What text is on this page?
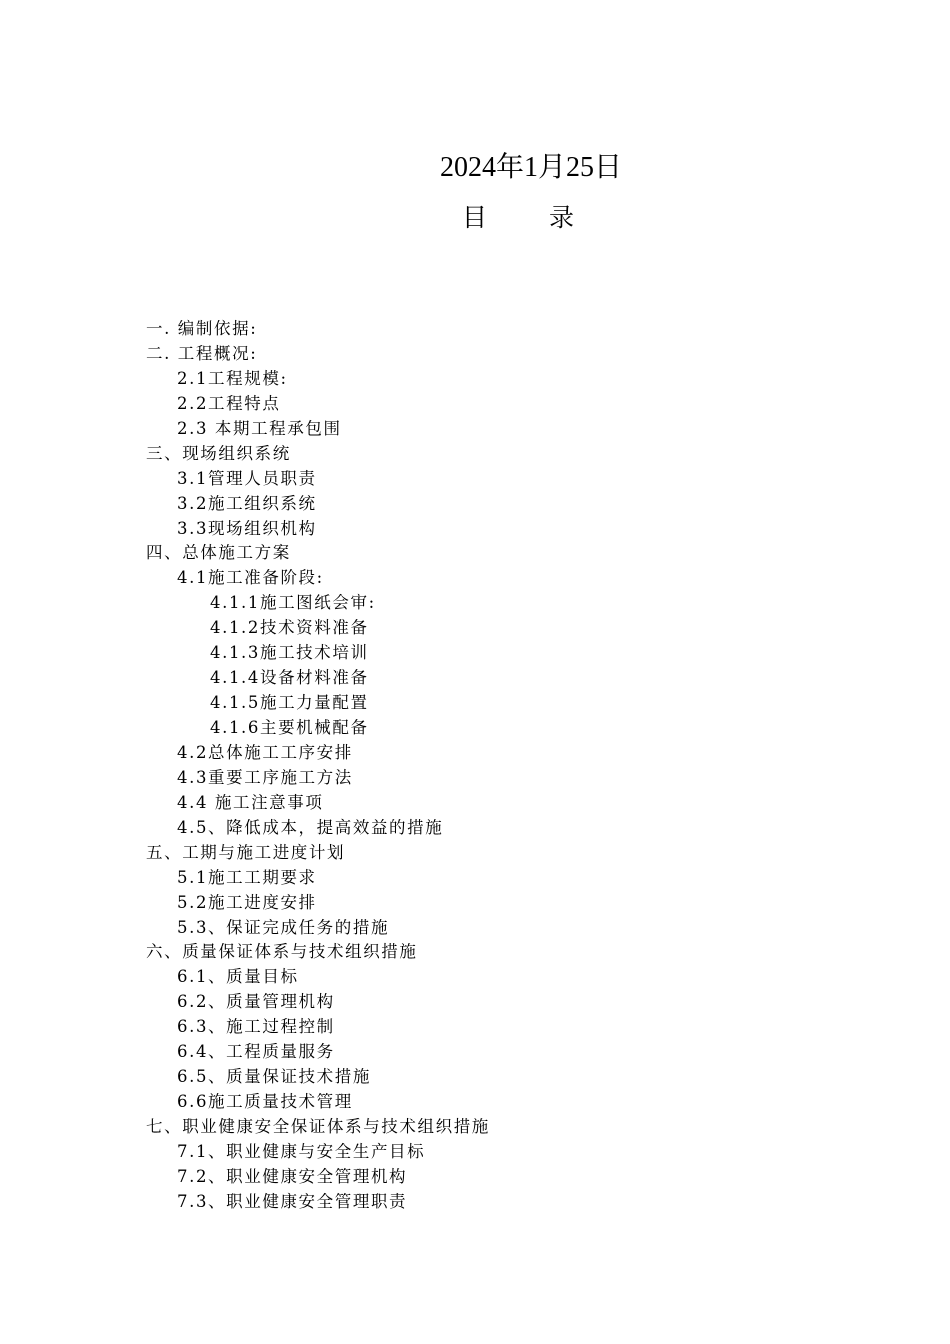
2024年1月25日
目 录
一. 编制依据:
二. 工程概况:
2.1工程规模:
2.2工程特点
2.3 本期工程承包围
三、现场组织系统
3.1管理人员职责
3.2施工组织系统
3.3现场组织机构
四、总体施工方案
4.1施工准备阶段:
4.1.1施工图纸会审:
4.1.2技术资料准备
4.1.3施工技术培训
4.1.4设备材料准备
4.1.5施工力量配置
4.1.6主要机械配备
4.2总体施工工序安排
4.3重要工序施工方法
4.4 施工注意事项
4.5、降低成本，提高效益的措施
五、工期与施工进度计划
5.1施工工期要求
5.2施工进度安排
5.3、保证完成任务的措施
六、质量保证体系与技术组织措施
6.1、质量目标
6.2、质量管理机构
6.3、施工过程控制
6.4、工程质量服务
6.5、质量保证技术措施
6.6施工质量技术管理
七、职业健康安全保证体系与技术组织措施
7.1、职业健康与安全生产目标
7.2、职业健康安全管理机构
7.3、职业健康安全管理职责
